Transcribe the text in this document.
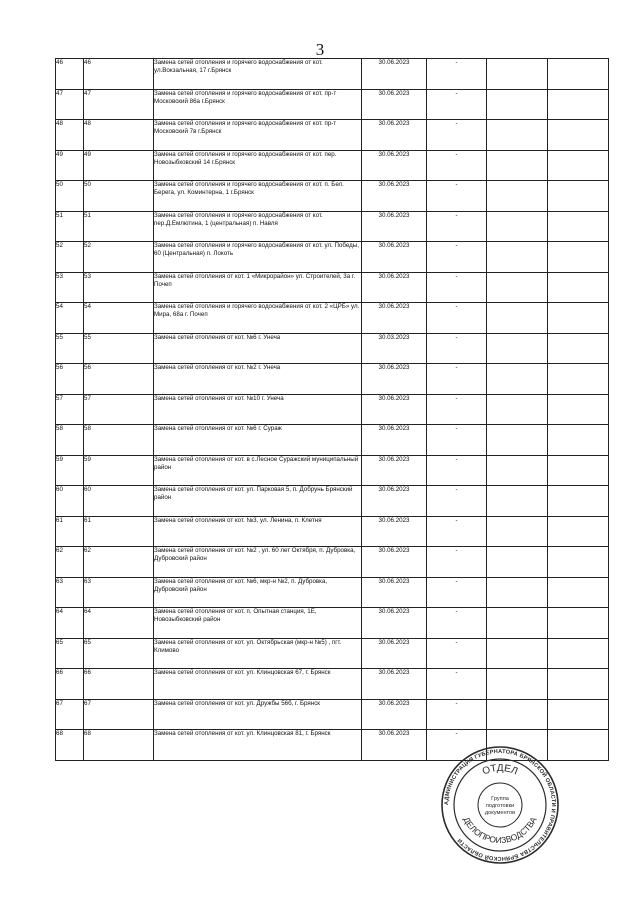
3
46	46	Замена сетей отопления и горячего водоснабжения от кот. ул.Вокзальная, 17 г.Брянск	30.06.2023	-		
47	47	Замена сетей отопления и горячего водоснабжения от кот. пр-т Московский 86а г.Брянск	30.06.2023	-		
48	48	Замена сетей отопления и горячего водоснабжения от кот. пр-т Московский 7в г.Брянск	30.06.2023	-		
49	49	Замена сетей отопления и горячего водоснабжения от кот. пер. Новозыбковский 14 г.Брянск	30.06.2023	-		
50	50	Замена сетей отопления и горячего водоснабжения от кот. п. Бел. Берега, ул. Коминтерна, 1 г.Брянск	30.06.2023	-		
51	51	Замена сетей отопления и горячего водоснабжения от кот. пер.Д.Емлютина, 1 (центральная) п. Навля	30.06.2023	-		
52	52	Замена сетей отопления и горячего водоснабжения от кот. ул. Победы, 60 (Центральная) п. Локоть	30.06.2023	-		
53	53	Замена сетей отопления от кот. 1 «Микрорайон» ул. Строителей, 3а г. Почеп	30.06.2023	-		
54	54	Замена сетей отопления и горячего водоснабжения от кот. 2 «ЦРБ» ул. Мира, 68а г. Почеп	30.06.2023	-		
55	55	Замена сетей отопления от кот. №6 г. Унеча	30.03.2023	-		
56	56	Замена сетей отопления от кот. №2 г. Унеча	30.06.2023	-		
57	57	Замена сетей отопления от кот. №10 г. Унеча	30.06.2023	-		
58	58	Замена сетей отопления от кот. №6 г. Сураж	30.06.2023	-		
59	59	Замена сетей отопления от кот. в с.Лесное Суражский муниципальный район	30.06.2023	-		
60	60	Замена сетей отопления от кот. ул. Парковая 5, п. Добрунь Брянский район	30.06.2023	-		
61	61	Замена сетей отопления от кот. №3, ул. Ленина, п. Клетня	30.06.2023	-		
62	62	Замена сетей отопления от кот. №2 , ул. 60 лет Октября, п. Дубровка, Дубровский район	30.06.2023	-		
63	63	Замена сетей отопления от кот. №6, мкр-н №2, п. Дубровка, Дубровский район	30.06.2023	-		
64	64	Замена сетей отопления от кот. п. Опытная станция, 1Е, Новозыбковский район	30.06.2023	-		
65	65	Замена сетей отопления от кот. ул. Октябрьская (мкр-н №5) , пгт. Климово	30.06.2023	-		
66	66	Замена сетей отопления от кот. ул. Клинцовская 67, г. Брянск	30.06.2023	-		
67	67	Замена сетей отопления от кот. ул. Дружбы 56б, г. Брянск	30.06.2023	-		
68	68	Замена сетей отопления от кот. ул. Клинцовская 81, г. Брянск	30.06.2023	-		
АДМИНИСТРАЦИЯ ГУБЕРНАТОРА БРЯНСКОЙ ОБЛАСТИ И ПРАВИТЕЛЬСТВА БРЯНСКОЙ ОБЛАСТИ
ОТДЕЛ
ДЕЛОПРОИЗВОДСТВА
Группа
подготовки
документов
